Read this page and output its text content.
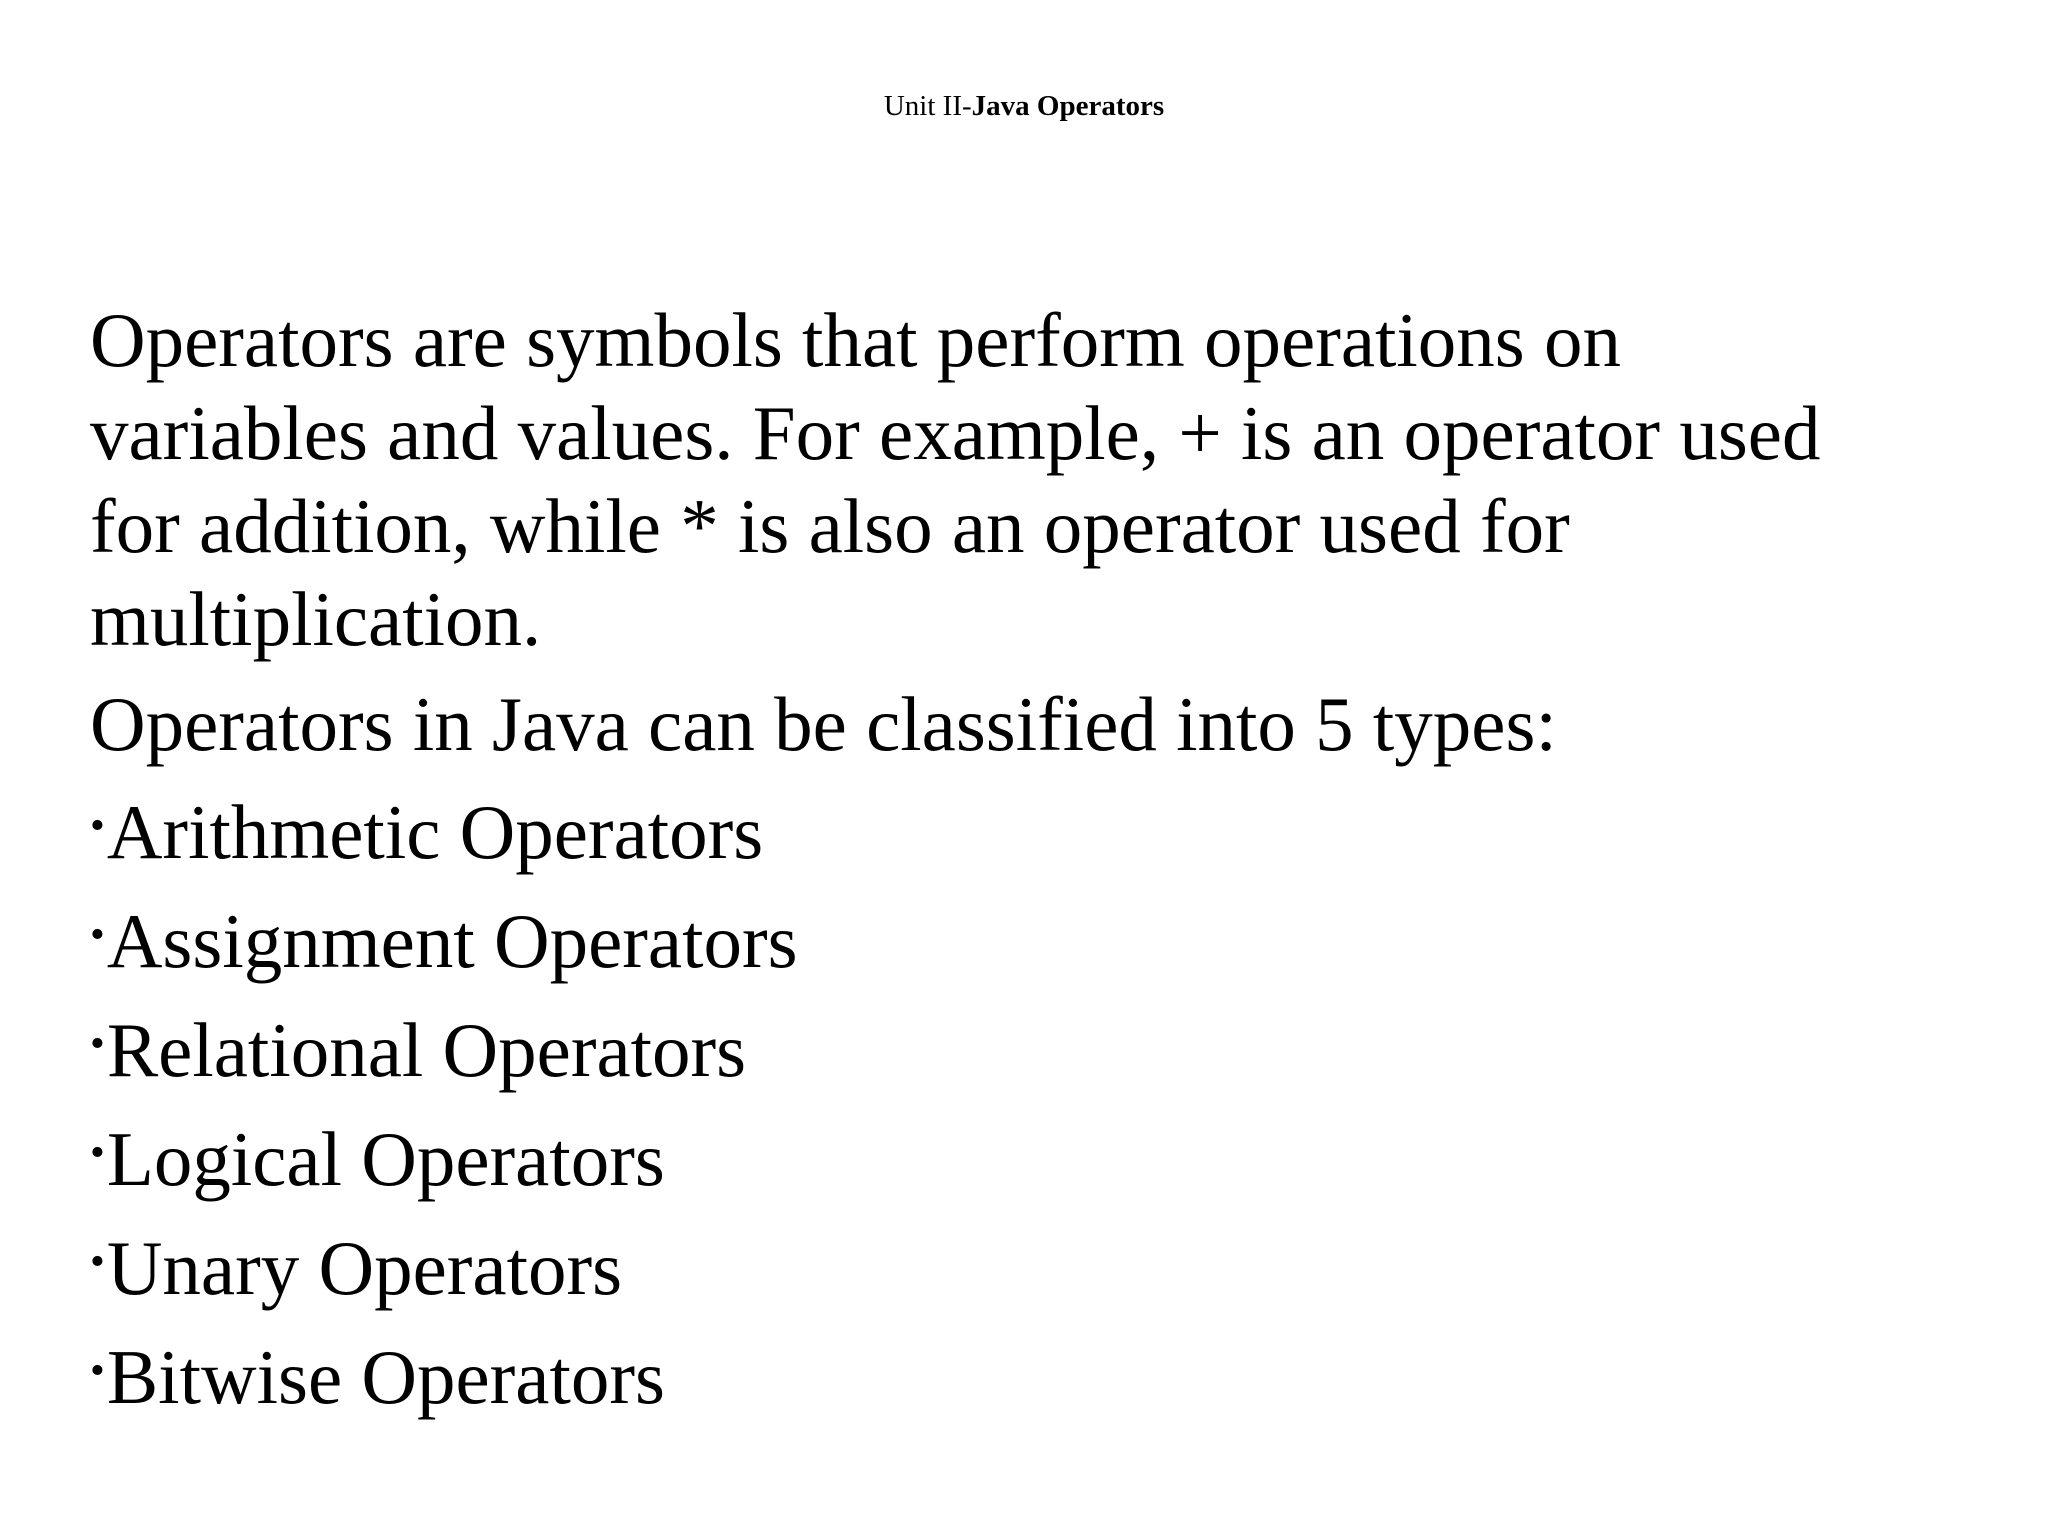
Unit II-Java Operators

Operators are symbols that perform operations on
variables and values. For example, + is an operator used
for addition, while * is also an operator used for
multiplication.

Operators in Java can be classified into 5 types:

•Arithmetic Operators
•Assignment Operators
•Relational Operators
•Logical Operators
•Unary Operators
•Bitwise Operators
